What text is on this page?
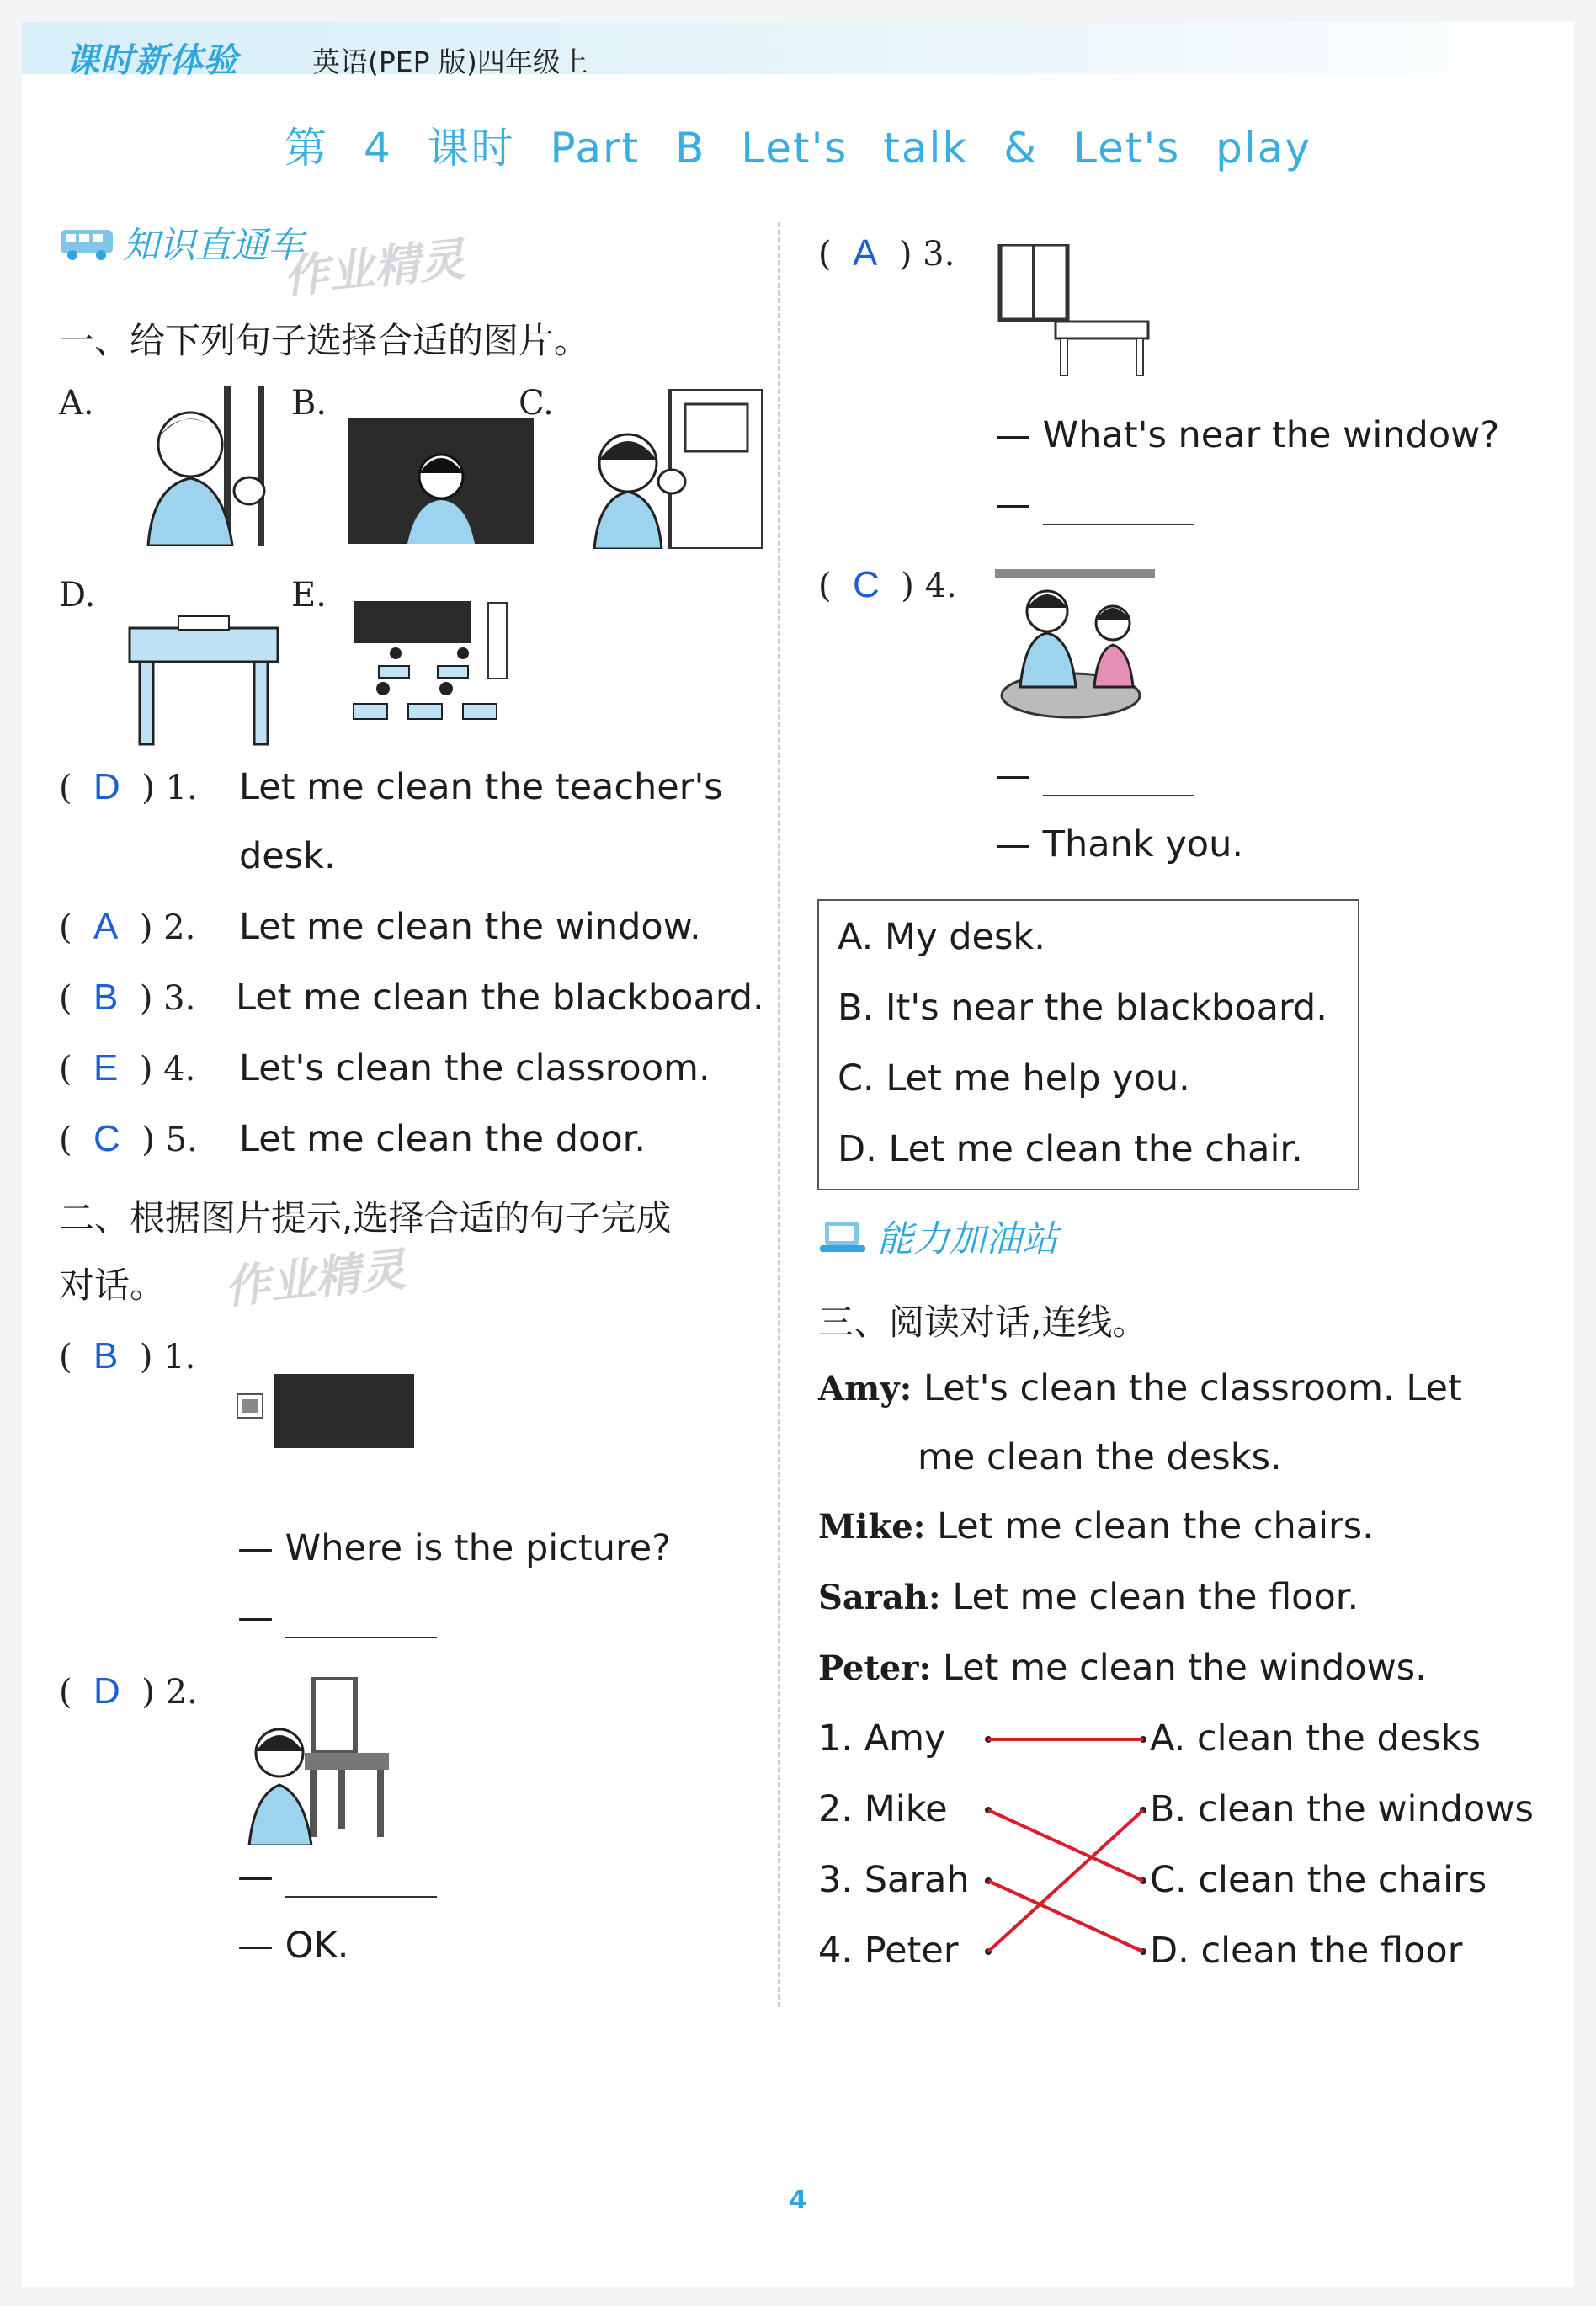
课时新体验	英语(PEP 版)四年级上
第 4 课时 Part B Let's talk & Let's play
知识直通车
作业精灵
一、给下列句子选择合适的图片。
A.	B.	C.
D.	E.
(  D  ) 1. Let me clean the teacher's
desk.
(  A  ) 2. Let me clean the window.
(  B  ) 3. Let me clean the blackboard.
(  E  ) 4. Let's clean the classroom.
(  C  ) 5. Let me clean the door.
二、根据图片提示,选择合适的句子完成
对话。 作业精灵
(  B  ) 1.
— Where is the picture?
—
(  D  ) 2.
—
— OK.
(  A  ) 3.
— What's near the window?
—
(  C  ) 4.
—
— Thank you.
A. My desk.
B. It's near the blackboard.
C. Let me help you.
D. Let me clean the chair.
能力加油站
三、阅读对话,连线。
Amy: Let's clean the classroom. Let
me clean the desks.
Mike: Let me clean the chairs.
Sarah: Let me clean the floor.
Peter: Let me clean the windows.
1. Amy
2. Mike
3. Sarah
4. Peter
A. clean the desks
B. clean the windows
C. clean the chairs
D. clean the floor
4
